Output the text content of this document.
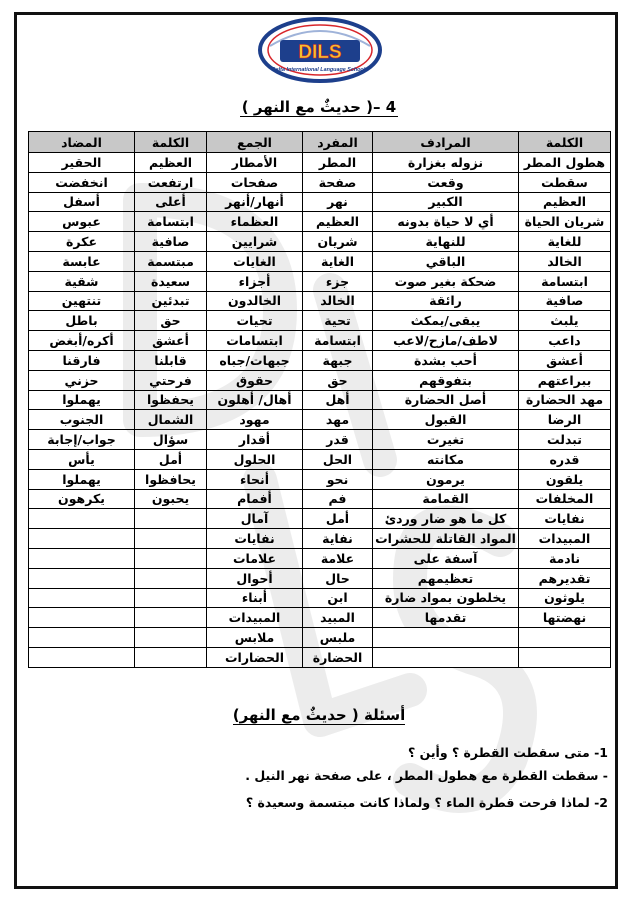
DILS
Delta International Language Schools
4 –( حديثٌ مع النهر )
الكلمة	المرادف	المفرد	الجمع	الكلمة	المضاد
هطول المطر	نزوله بغزارة	المطر	الأمطار	العظيم	الحقير
سقطت	وقعت	صفحة	صفحات	ارتفعت	انخفضت
العظيم	الكبير	نهر	أنهار/أنهر	أعلى	أسفل
شريان الحياة	أي لا حياة بدونه	العظيم	العظماء	ابتسامة	عبوس
للغاية	للنهاية	شريان	شرايين	صافية	عكرة
الخالد	الباقي	الغاية	الغايات	مبتسمة	عابسة
ابتسامة	ضحكة بغير صوت	جزء	أجزاء	سعيدة	شقية
صافية	رائقة	الخالد	الخالدون	تبدئين	تنتهين
يلبث	يبقى/يمكث	تحية	تحيات	حق	باطل
داعب	لاطف/مازح/لاعب	ابتسامة	ابتسامات	أعشق	أكره/أبغض
أعشق	أحب بشدة	جبهة	جبهات/جباه	قابلنا	فارقنا
ببراعتهم	بتفوقهم	حق	حقوق	فرحتي	حزني
مهد الحضارة	أصل الحضارة	أهل	أهال/ أهلون	يحفظوا	يهملوا
الرضا	القبول	مهد	مهود	الشمال	الجنوب
تبدلت	تغيرت	قدر	أقدار	سؤال	جواب/إجابة
قدره	مكانته	الحل	الحلول	أمل	يأس
يلقون	يرمون	نحو	أنحاء	يحافظوا	يهملوا
المخلفات	القمامة	فم	أفمام	يحبون	يكرهون
نفايات	كل ما هو ضار وردئ	أمل	آمال		
المبيدات	المواد القاتلة للحشرات	نفاية	نفايات		
نادمة	آسفة على	علامة	علامات		
تقديرهم	تعظيمهم	حال	أحوال		
يلوثون	يخلطون بمواد ضارة	ابن	أبناء		
نهضتها	تقدمها	المبيد	المبيدات		
		ملبس	ملابس		
		الحضارة	الحضارات		
أسئلة ( حديثٌ مع النهر)
1- متى سقطت القطرة ؟ وأين ؟
- سقطت القطرة مع هطول المطر ، على صفحة نهر النيل .
2- لماذا فرحت قطرة الماء ؟ ولماذا كانت مبتسمة وسعيدة ؟
